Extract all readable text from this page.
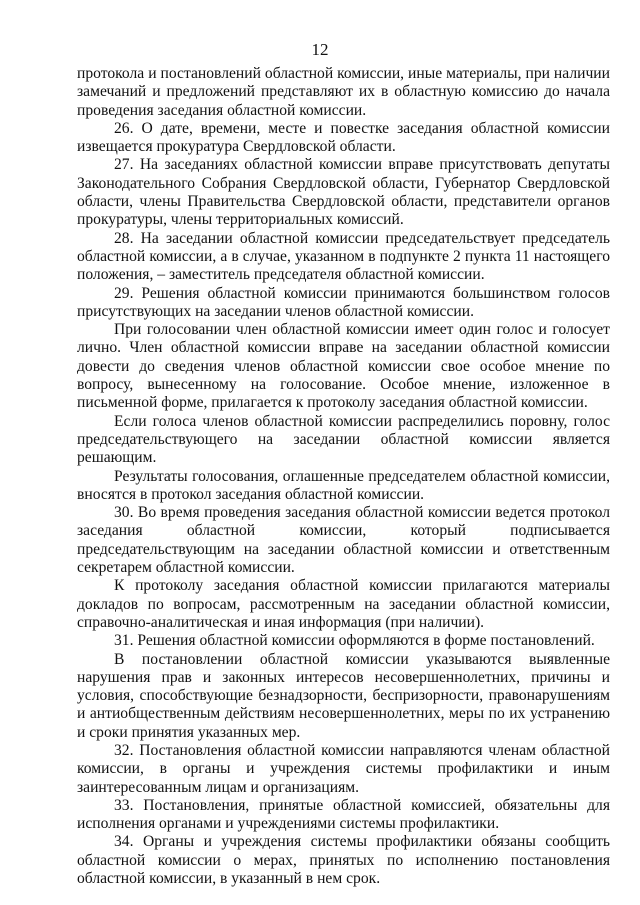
12

протокола и постановлений областной комиссии, иные материалы, при наличии замечаний и предложений представляют их в областную комиссию до начала проведения заседания областной комиссии.

26. О дате, времени, месте и повестке заседания областной комиссии извещается прокуратура Свердловской области.

27. На заседаниях областной комиссии вправе присутствовать депутаты Законодательного Собрания Свердловской области, Губернатор Свердловской области, члены Правительства Свердловской области, представители органов прокуратуры, члены территориальных комиссий.

28. На заседании областной комиссии председательствует председатель областной комиссии, а в случае, указанном в подпункте 2 пункта 11 настоящего положения, – заместитель председателя областной комиссии.

29. Решения областной комиссии принимаются большинством голосов присутствующих на заседании членов областной комиссии.

При голосовании член областной комиссии имеет один голос и голосует лично. Член областной комиссии вправе на заседании областной комиссии довести до сведения членов областной комиссии свое особое мнение по вопросу, вынесенному на голосование. Особое мнение, изложенное в письменной форме, прилагается к протоколу заседания областной комиссии.

Если голоса членов областной комиссии распределились поровну, голос председательствующего на заседании областной комиссии является решающим.

Результаты голосования, оглашенные председателем областной комиссии, вносятся в протокол заседания областной комиссии.

30. Во время проведения заседания областной комиссии ведется протокол заседания областной комиссии, который подписывается председательствующим на заседании областной комиссии и ответственным секретарем областной комиссии.

К протоколу заседания областной комиссии прилагаются материалы докладов по вопросам, рассмотренным на заседании областной комиссии, справочно-аналитическая и иная информация (при наличии).

31. Решения областной комиссии оформляются в форме постановлений.

В постановлении областной комиссии указываются выявленные нарушения прав и законных интересов несовершеннолетних, причины и условия, способствующие безнадзорности, беспризорности, правонарушениям и антиобщественным действиям несовершеннолетних, меры по их устранению и сроки принятия указанных мер.

32. Постановления областной комиссии направляются членам областной комиссии, в органы и учреждения системы профилактики и иным заинтересованным лицам и организациям.

33. Постановления, принятые областной комиссией, обязательны для исполнения органами и учреждениями системы профилактики.

34. Органы и учреждения системы профилактики обязаны сообщить областной комиссии о мерах, принятых по исполнению постановления областной комиссии, в указанный в нем срок.
